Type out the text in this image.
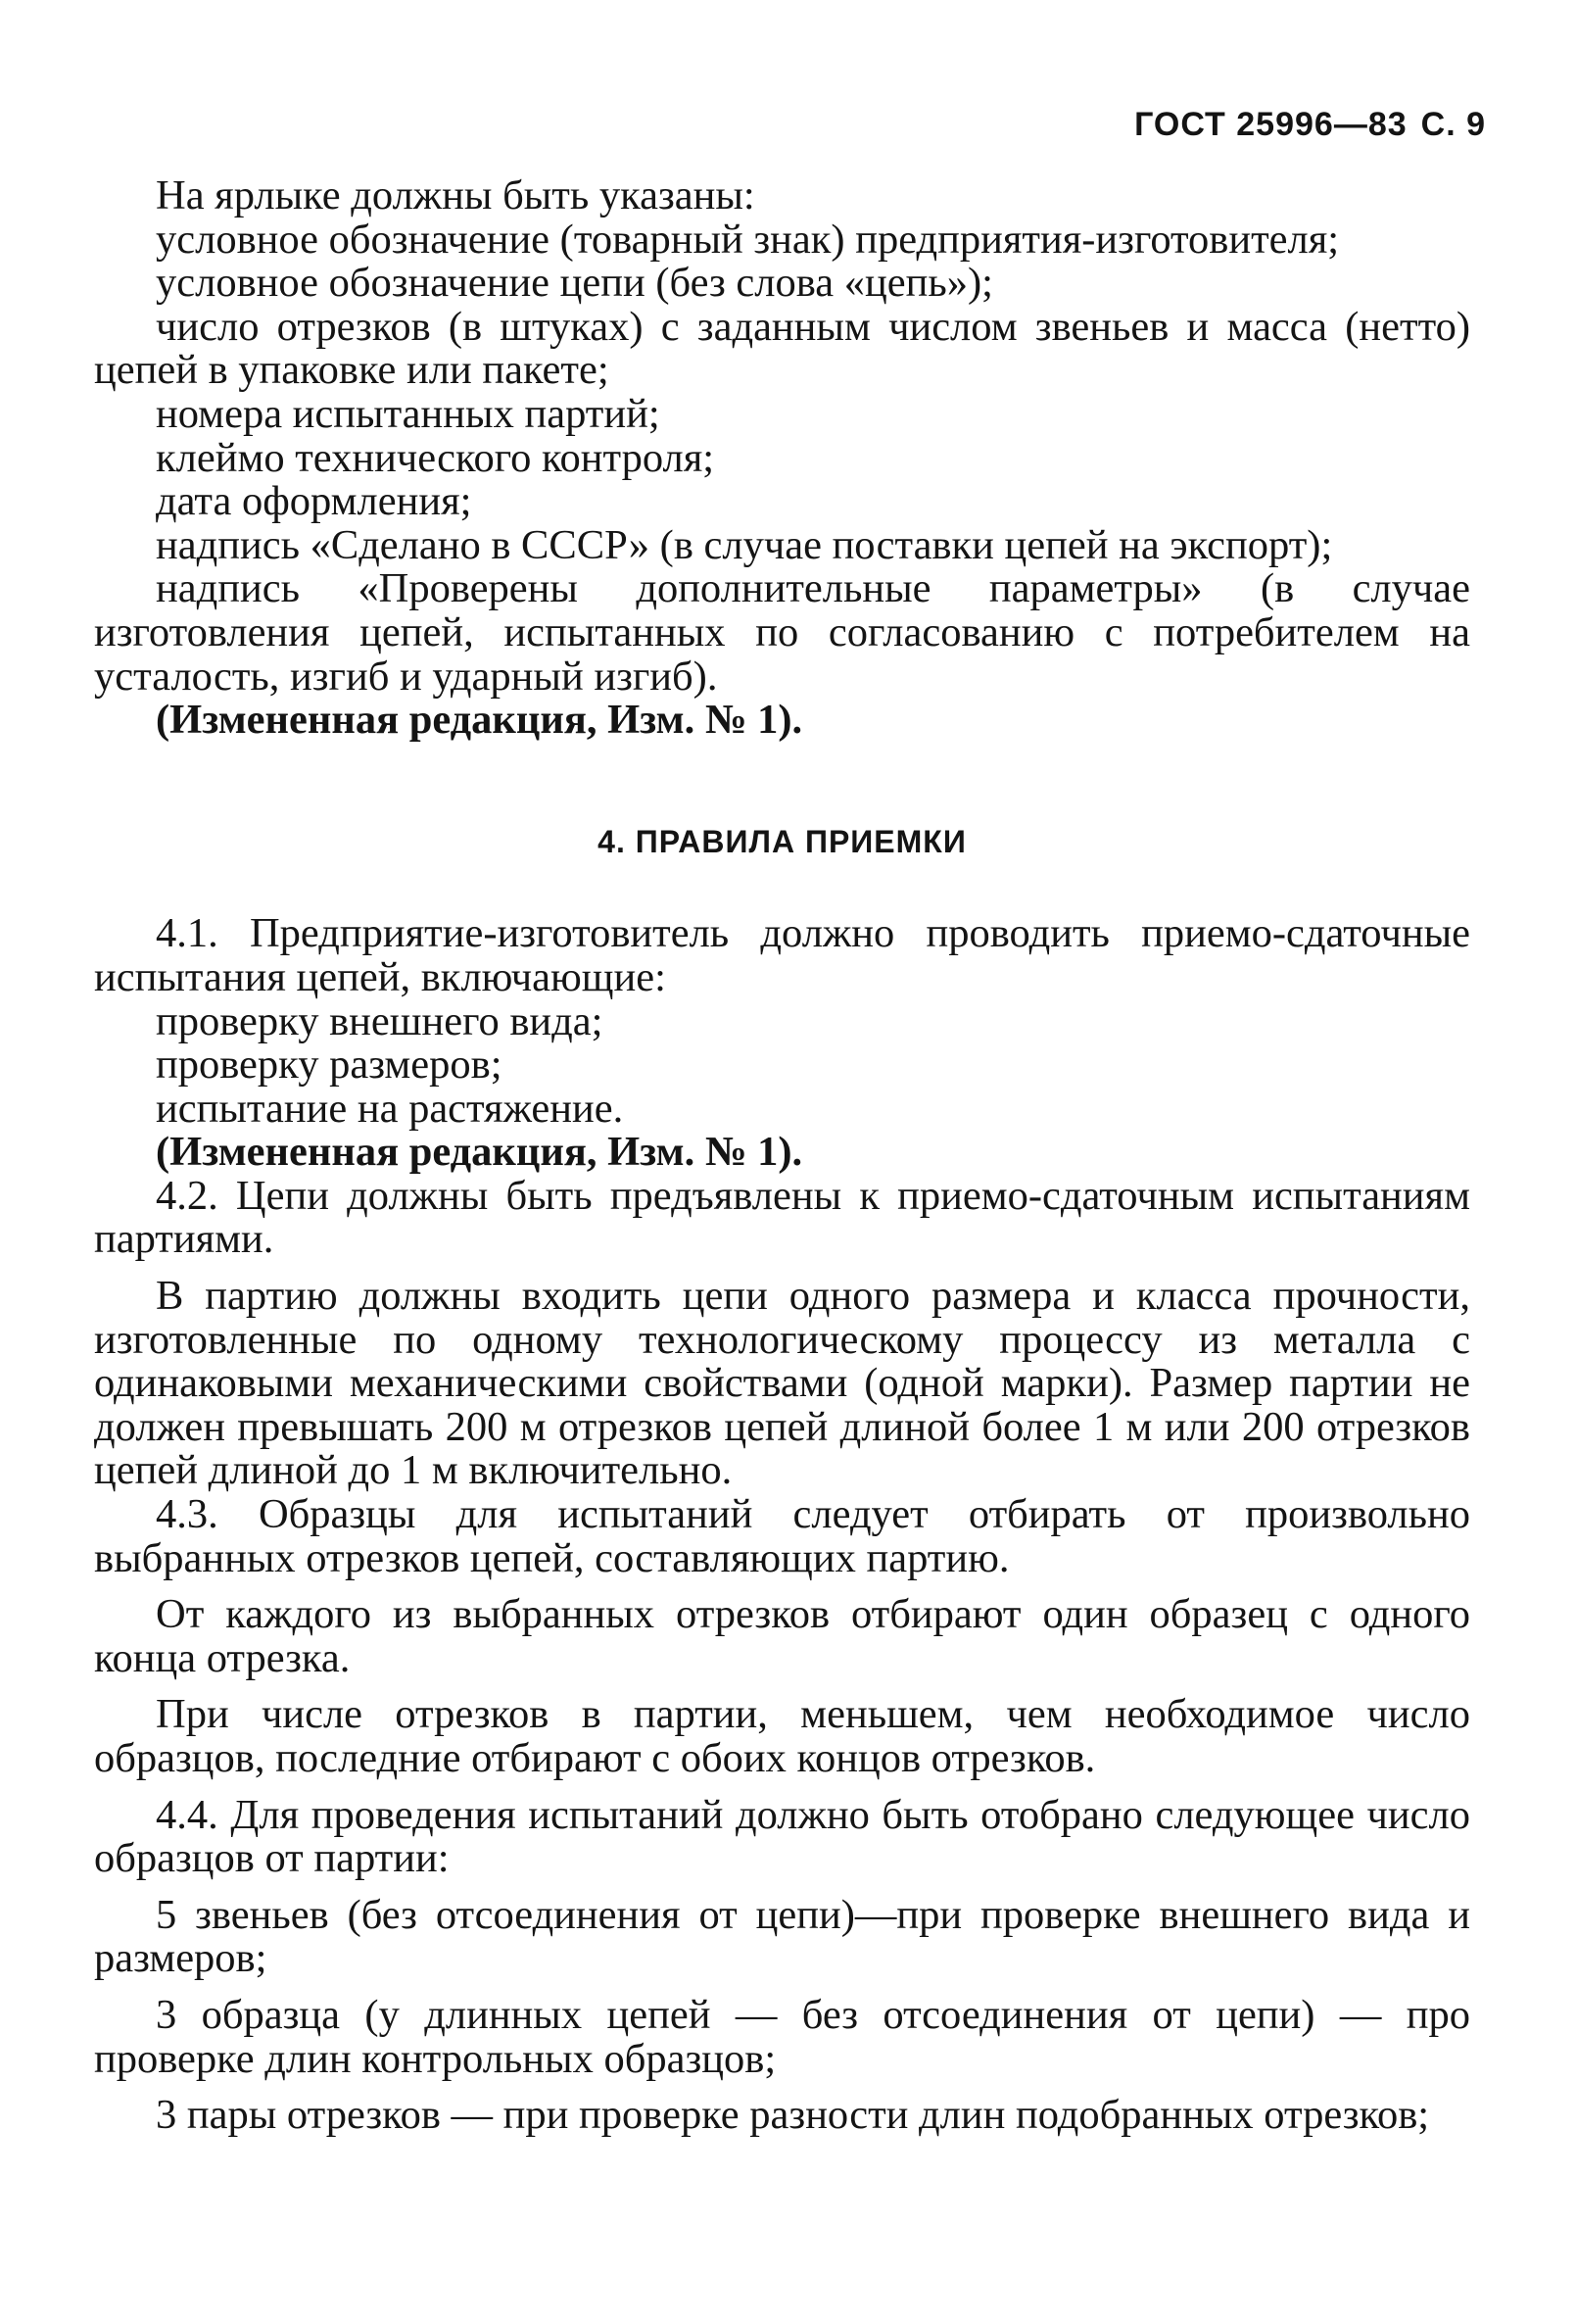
ГОСТ 25996—83 С. 9

На ярлыке должны быть указаны:

условное обозначение (товарный знак) предприятия-изготовителя;

условное обозначение цепи (без слова «цепь»);

число отрезков (в штуках) с заданным числом звеньев и масса (нетто) цепей в упаковке или пакете;

номера испытанных партий;

клеймо технического контроля;

дата оформления;

надпись «Сделано в СССР» (в случае поставки цепей на экспорт);

надпись «Проверены дополнительные параметры» (в случае изготовления цепей, испытанных по согласованию с потребителем на усталость, изгиб и ударный изгиб).

(Измененная редакция, Изм. № 1).

4. ПРАВИЛА ПРИЕМКИ

4.1. Предприятие-изготовитель должно проводить приемо-сдаточные испытания цепей, включающие:

проверку внешнего вида;

проверку размеров;

испытание на растяжение.

(Измененная редакция, Изм. № 1).

4.2. Цепи должны быть предъявлены к приемо-сдаточным испытаниям партиями.

В партию должны входить цепи одного размера и класса прочности, изготовленные по одному технологическому процессу из металла с одинаковыми механическими свойствами (одной марки). Размер партии не должен превышать 200 м отрезков цепей длиной более 1 м или 200 отрезков цепей длиной до 1 м включительно.

4.3. Образцы для испытаний следует отбирать от произвольно выбранных отрезков цепей, составляющих партию.

От каждого из выбранных отрезков отбирают один образец с одного конца отрезка.

При числе отрезков в партии, меньшем, чем необходимое число образцов, последние отбирают с обоих концов отрезков.

4.4. Для проведения испытаний должно быть отобрано следующее число образцов от партии:

5 звеньев (без отсоединения от цепи)—при проверке внешнего вида и размеров;

3 образца (у длинных цепей — без отсоединения от цепи) — про проверке длин контрольных образцов;

3 пары отрезков — при проверке разности длин подобранных отрезков;
